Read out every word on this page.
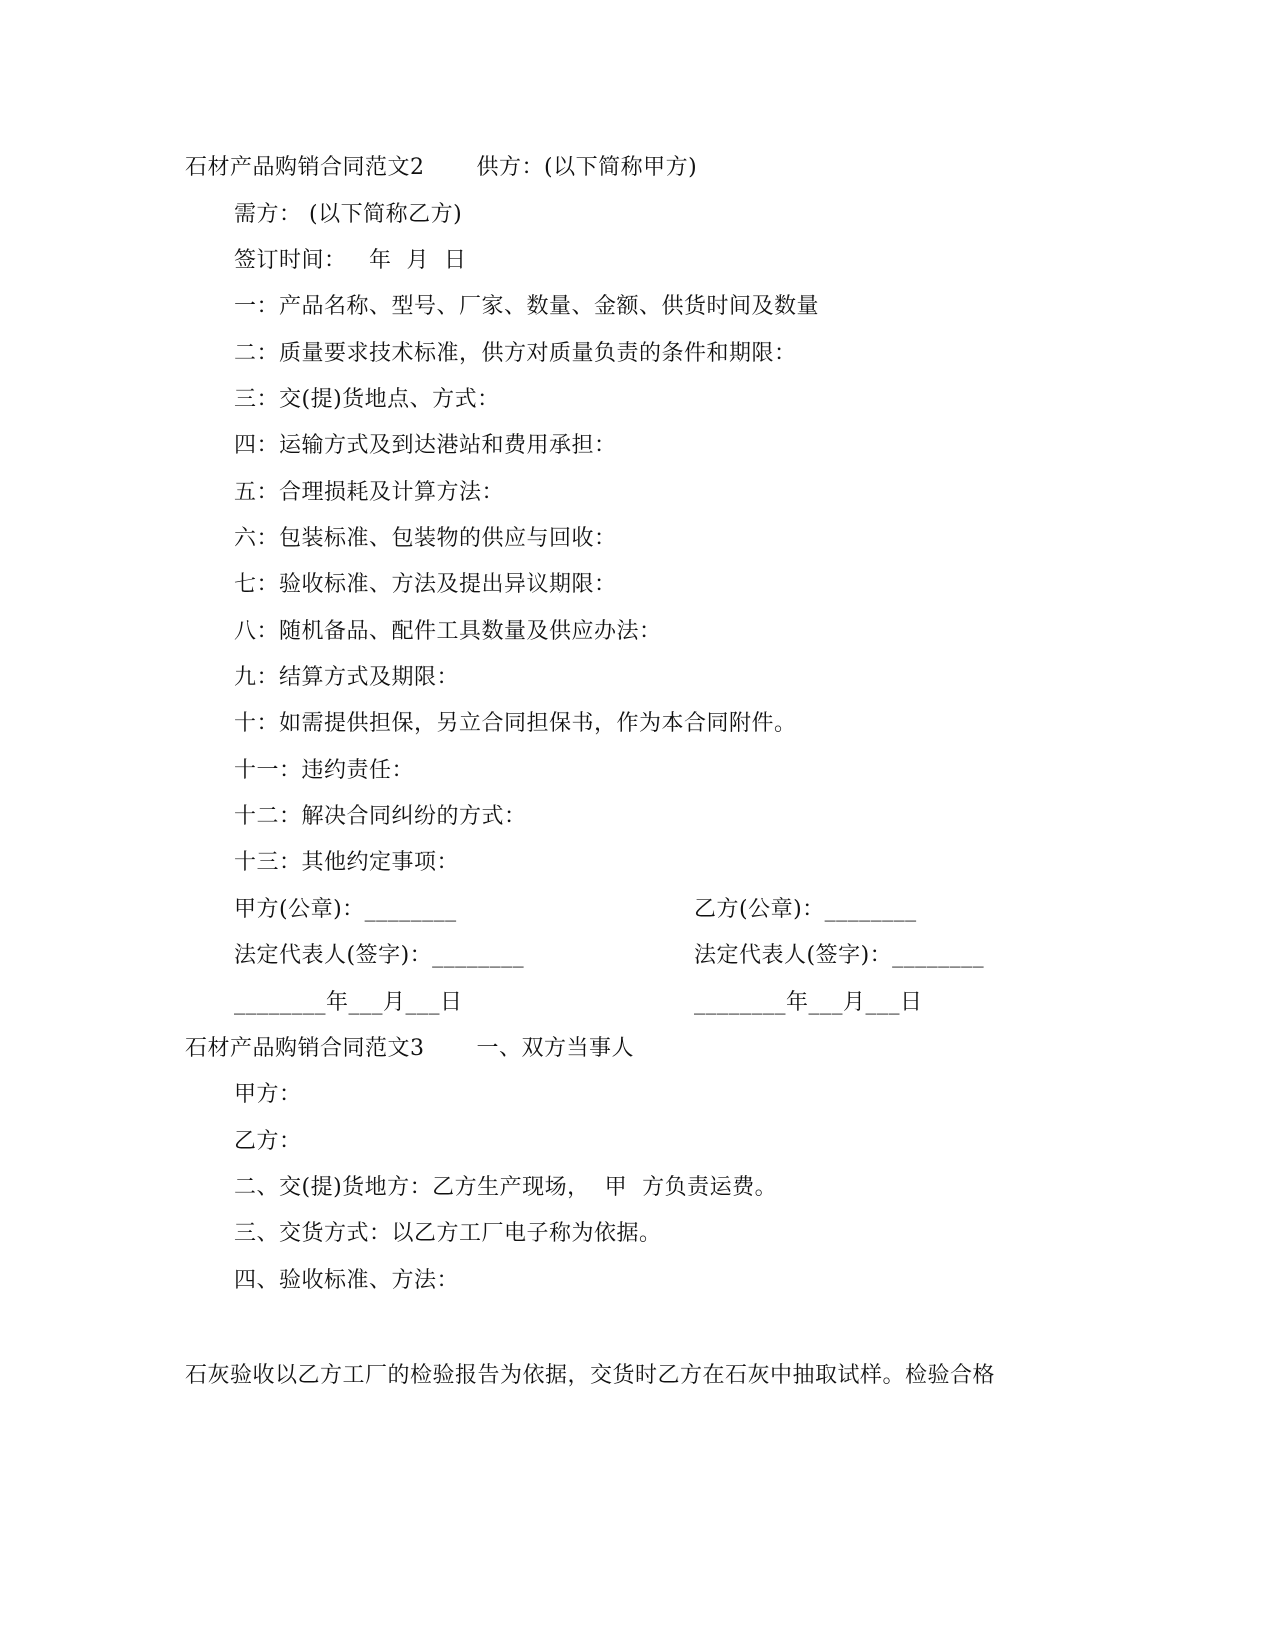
石材产品购销合同范文2 供方：(以下简称甲方)
需方： (以下简称乙方)
签订时间：   年  月  日
一：产品名称、型号、厂家、数量、金额、供货时间及数量
二：质量要求技术标准，供方对质量负责的条件和期限：
三：交(提)货地点、方式：
四：运输方式及到达港站和费用承担：
五：合理损耗及计算方法：
六：包装标准、包装物的供应与回收：
七：验收标准、方法及提出异议期限：
八：随机备品、配件工具数量及供应办法：
九：结算方式及期限：
十：如需提供担保，另立合同担保书，作为本合同附件。
十一：违约责任：
十二：解决合同纠纷的方式：
十三：其他约定事项：
甲方(公章)：________	乙方(公章)：________
法定代表人(签字)：________	法定代表人(签字)：________
________年___月___日	________年___月___日
石材产品购销合同范文3 一、双方当事人
甲方：
乙方：
二、交(提)货地方：乙方生产现场，  甲  方负责运费。
三、交货方式：以乙方工厂电子称为依据。
四、验收标准、方法：
石灰验收以乙方工厂的检验报告为依据，交货时乙方在石灰中抽取试样。检验合格
